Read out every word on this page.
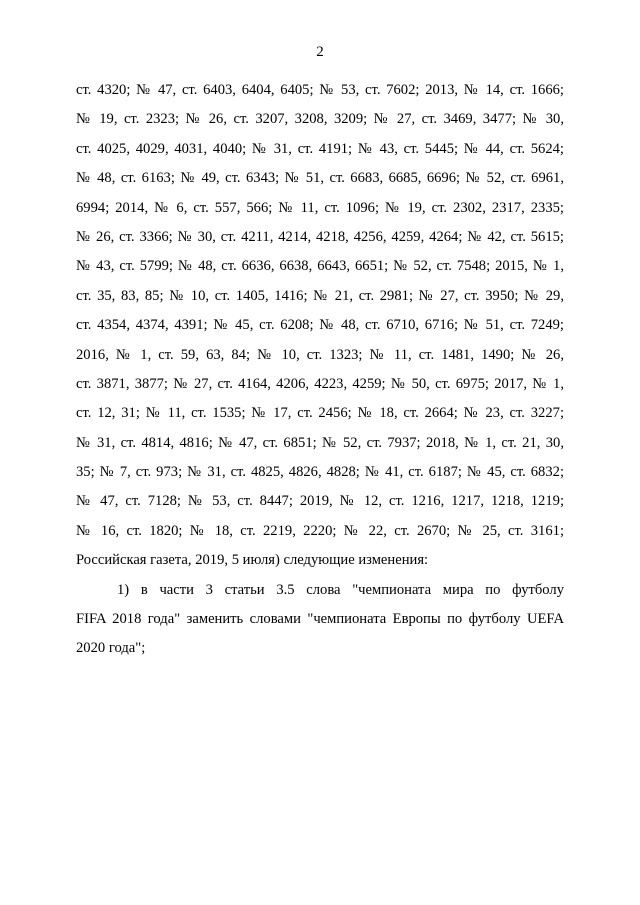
2
ст. 4320; № 47, ст. 6403, 6404, 6405; № 53, ст. 7602; 2013, № 14, ст. 1666;
№ 19, ст. 2323; № 26, ст. 3207, 3208, 3209; № 27, ст. 3469, 3477; № 30,
ст. 4025, 4029, 4031, 4040; № 31, ст. 4191; № 43, ст. 5445; № 44, ст. 5624;
№ 48, ст. 6163; № 49, ст. 6343; № 51, ст. 6683, 6685, 6696; № 52, ст. 6961,
6994; 2014, № 6, ст. 557, 566; № 11, ст. 1096; № 19, ст. 2302, 2317, 2335;
№ 26, ст. 3366; № 30, ст. 4211, 4214, 4218, 4256, 4259, 4264; № 42, ст. 5615;
№ 43, ст. 5799; № 48, ст. 6636, 6638, 6643, 6651; № 52, ст. 7548; 2015, № 1,
ст. 35, 83, 85; № 10, ст. 1405, 1416; № 21, ст. 2981; № 27, ст. 3950; № 29,
ст. 4354, 4374, 4391; № 45, ст. 6208; № 48, ст. 6710, 6716; № 51, ст. 7249;
2016, № 1, ст. 59, 63, 84; № 10, ст. 1323; № 11, ст. 1481, 1490; № 26,
ст. 3871, 3877; № 27, ст. 4164, 4206, 4223, 4259; № 50, ст. 6975; 2017, № 1,
ст. 12, 31; № 11, ст. 1535; № 17, ст. 2456; № 18, ст. 2664; № 23, ст. 3227;
№ 31, ст. 4814, 4816; № 47, ст. 6851; № 52, ст. 7937; 2018, № 1, ст. 21, 30,
35; № 7, ст. 973; № 31, ст. 4825, 4826, 4828; № 41, ст. 6187; № 45, ст. 6832;
№ 47, ст. 7128; № 53, ст. 8447; 2019, № 12, ст. 1216, 1217, 1218, 1219;
№ 16, ст. 1820; № 18, ст. 2219, 2220; № 22, ст. 2670; № 25, ст. 3161;
Российская газета, 2019, 5 июля) следующие изменения:
1) в части 3 статьи 3.5 слова "чемпионата мира по футболу
FIFA 2018 года" заменить словами "чемпионата Европы по футболу UEFA
2020 года";
